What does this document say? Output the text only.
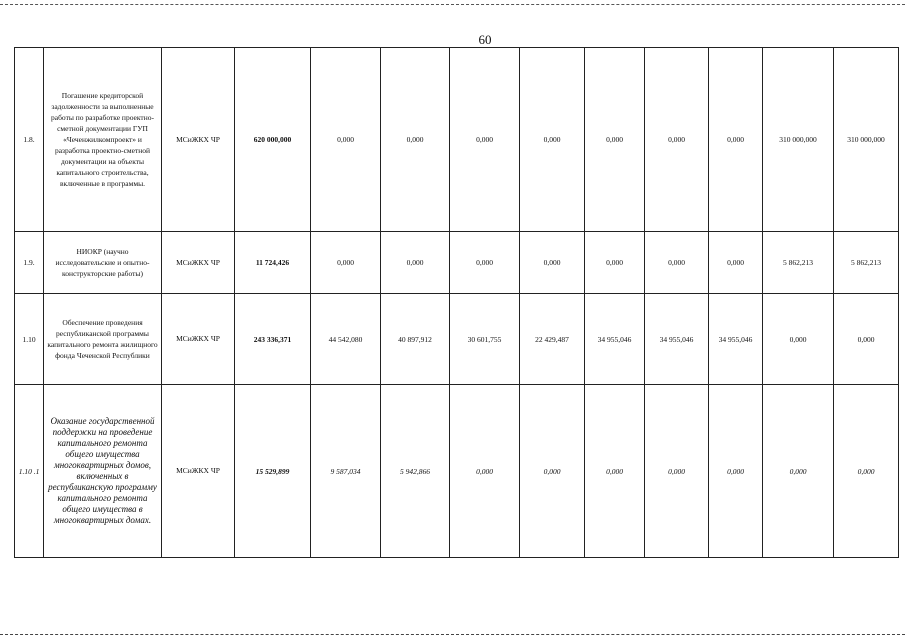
60
1.8.	Погашение кредиторской задолженности за выполненные работы по разработке проектно- сметной документации ГУП «Чеченжилкомпроект» и разработка проектно-сметной документации на объекты капитального строительства, включенные в программы.	МСиЖКХ ЧР	620 000,000	0,000	0,000	0,000	0,000	0,000	0,000	0,000	310 000,000	310 000,000
1.9.	НИОКР (научно исследовательские и опытно-конструкторские работы)	МСиЖКХ ЧР	11 724,426	0,000	0,000	0,000	0,000	0,000	0,000	0,000	5 862,213	5 862,213
1.10	Обеспечение проведения республиканской программы капитального ремонта жилищного фонда Чеченской Республики	МСиЖКХ ЧР	243 336,371	44 542,080	40 897,912	30 601,755	22 429,487	34 955,046	34 955,046	34 955,046	0,000	0,000
1.10 .1	Оказание государственной поддержки на проведение капитального ремонта общего имущества многоквартирных домов, включенных в республиканскую программу капитального ремонта общего имущества в многоквартирных домах.	МСиЖКХ ЧР	15 529,899	9 587,034	5 942,866	0,000	0,000	0,000	0,000	0,000	0,000	0,000
